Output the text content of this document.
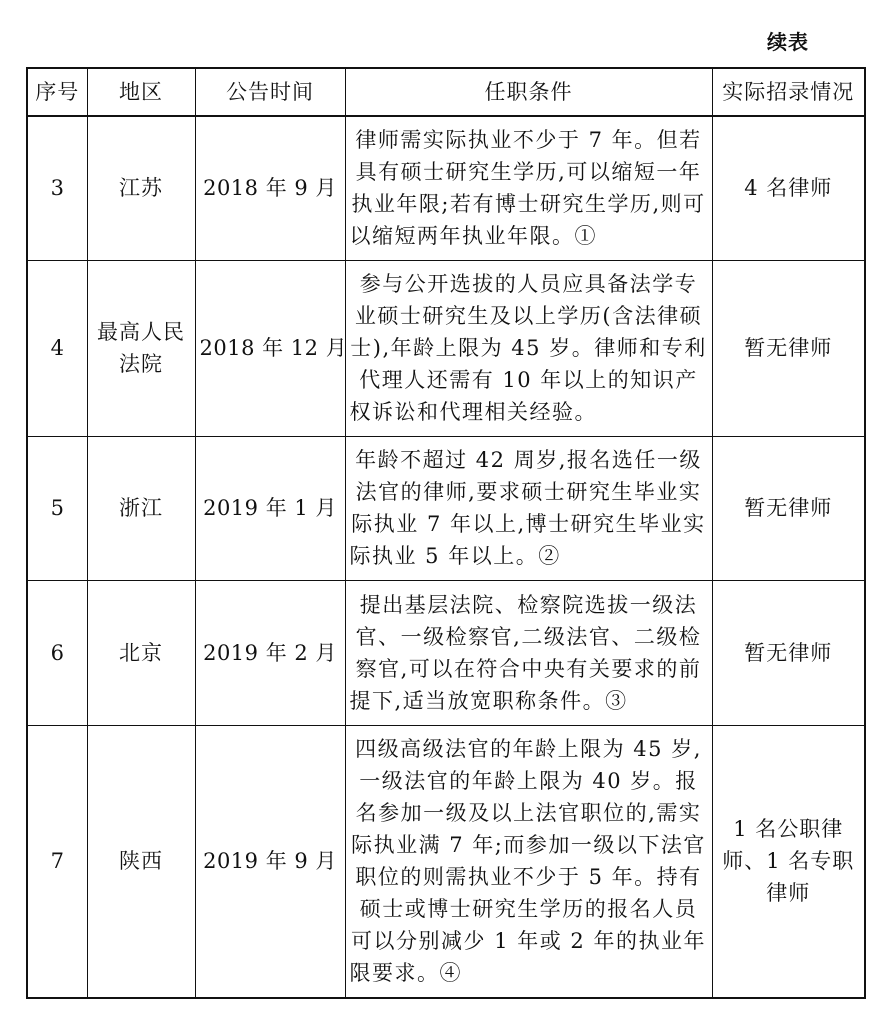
续表
序号	地区	公告时间	任职条件	实际招录情况
3	江苏	2018 年 9 月	律师需实际执业不少于 7 年。但若具有硕士研究生学历,可以缩短一年执业年限;若有博士研究生学历,则可以缩短两年执业年限。①	4 名律师
4	最高人民法院	2018 年 12 月	参与公开选拔的人员应具备法学专业硕士研究生及以上学历(含法律硕士),年龄上限为 45 岁。律师和专利代理人还需有 10 年以上的知识产权诉讼和代理相关经验。	暂无律师
5	浙江	2019 年 1 月	年龄不超过 42 周岁,报名选任一级法官的律师,要求硕士研究生毕业实际执业 7 年以上,博士研究生毕业实际执业 5 年以上。②	暂无律师
6	北京	2019 年 2 月	提出基层法院、检察院选拔一级法官、一级检察官,二级法官、二级检察官,可以在符合中央有关要求的前提下,适当放宽职称条件。③	暂无律师
7	陕西	2019 年 9 月	四级高级法官的年龄上限为 45 岁,一级法官的年龄上限为 40 岁。报名参加一级及以上法官职位的,需实际执业满 7 年;而参加一级以下法官职位的则需执业不少于 5 年。持有硕士或博士研究生学历的报名人员可以分别减少 1 年或 2 年的执业年限要求。④	1 名公职律师、1 名专职律师
